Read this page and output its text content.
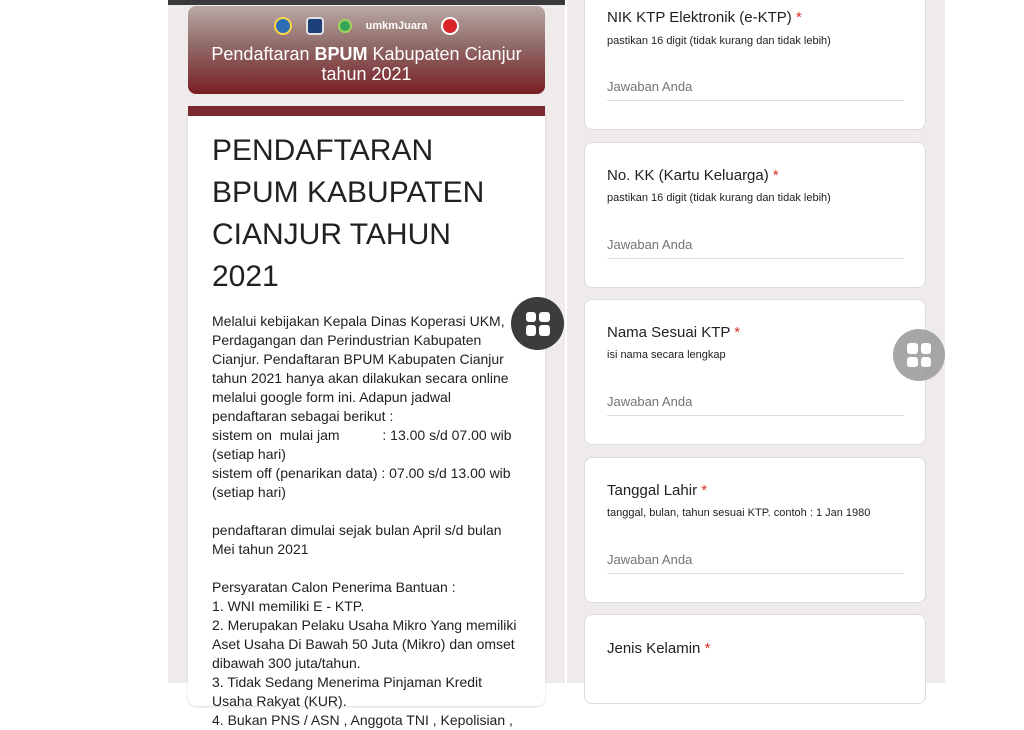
umkmJuara
Pendaftaran BPUM Kabupaten Cianjur
tahun 2021
PENDAFTARAN BPUM KABUPATEN CIANJUR TAHUN 2021
Melalui kebijakan Kepala Dinas Koperasi UKM, Perdagangan dan Perindustrian Kabupaten Cianjur. Pendaftaran BPUM Kabupaten Cianjur tahun 2021 hanya akan dilakukan secara online melalui google form ini. Adapun jadwal pendaftaran sebagai berikut :
sistem on  mulai jam           : 13.00 s/d 07.00 wib (setiap hari)
sistem off (penarikan data) : 07.00 s/d 13.00 wib (setiap hari)

pendaftaran dimulai sejak bulan April s/d bulan Mei tahun 2021

Persyaratan Calon Penerima Bantuan :
1. WNI memiliki E - KTP.
2. Merupakan Pelaku Usaha Mikro Yang memiliki Aset Usaha Di Bawah 50 Juta (Mikro) dan omset dibawah 300 juta/tahun.
3. Tidak Sedang Menerima Pinjaman Kredit Usaha Rakyat (KUR).
4. Bukan PNS / ASN , Anggota TNI , Kepolisian ,
NIK KTP Elektronik (e-KTP) *
pastikan 16 digit (tidak kurang dan tidak lebih)
Jawaban Anda
No. KK (Kartu Keluarga) *
pastikan 16 digit (tidak kurang dan tidak lebih)
Jawaban Anda
Nama Sesuai KTP *
isi nama secara lengkap
Jawaban Anda
Tanggal Lahir *
tanggal, bulan, tahun sesuai KTP. contoh : 1 Jan 1980
Jawaban Anda
Jenis Kelamin *
